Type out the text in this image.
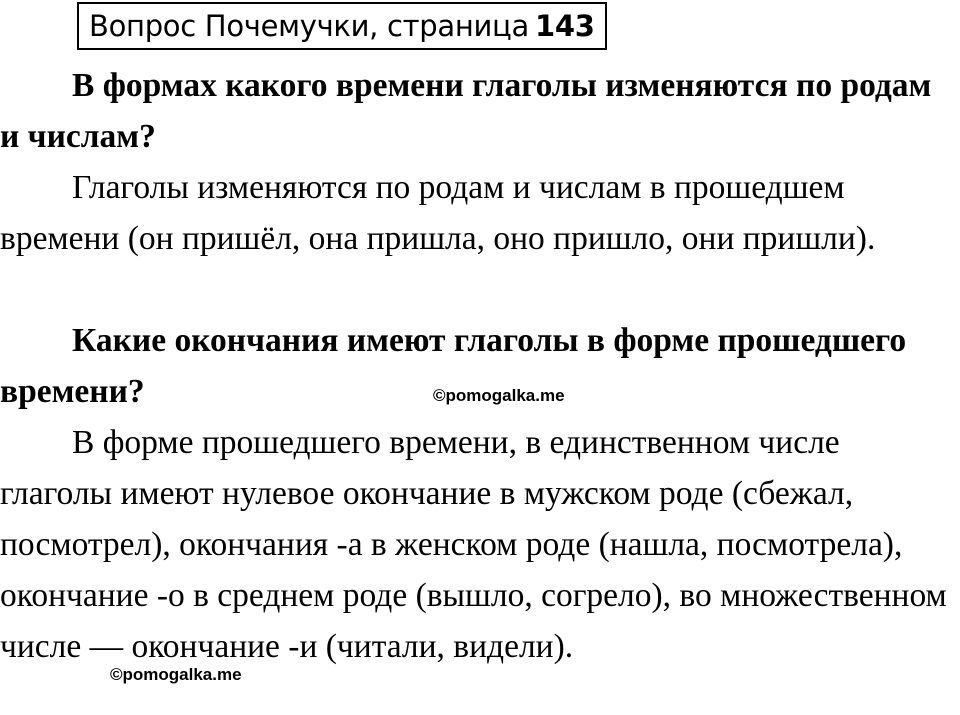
Вопрос Почемучки, страница 143

В формах какого времени глаголы изменяются по родам и числам?

Глаголы изменяются по родам и числам в прошедшем времени (он пришёл, она пришла, оно пришло, они пришли).

Какие окончания имеют глаголы в форме прошедшего времени?

В форме прошедшего времени, в единственном числе глаголы имеют нулевое окончание в мужском роде (сбежал, посмотрел), окончания -а в женском роде (нашла, посмотрела), окончание -о в среднем роде (вышло, согрело), во множественном числе — окончание -и (читали, видели).

©pomogalka.me
©pomogalka.me
